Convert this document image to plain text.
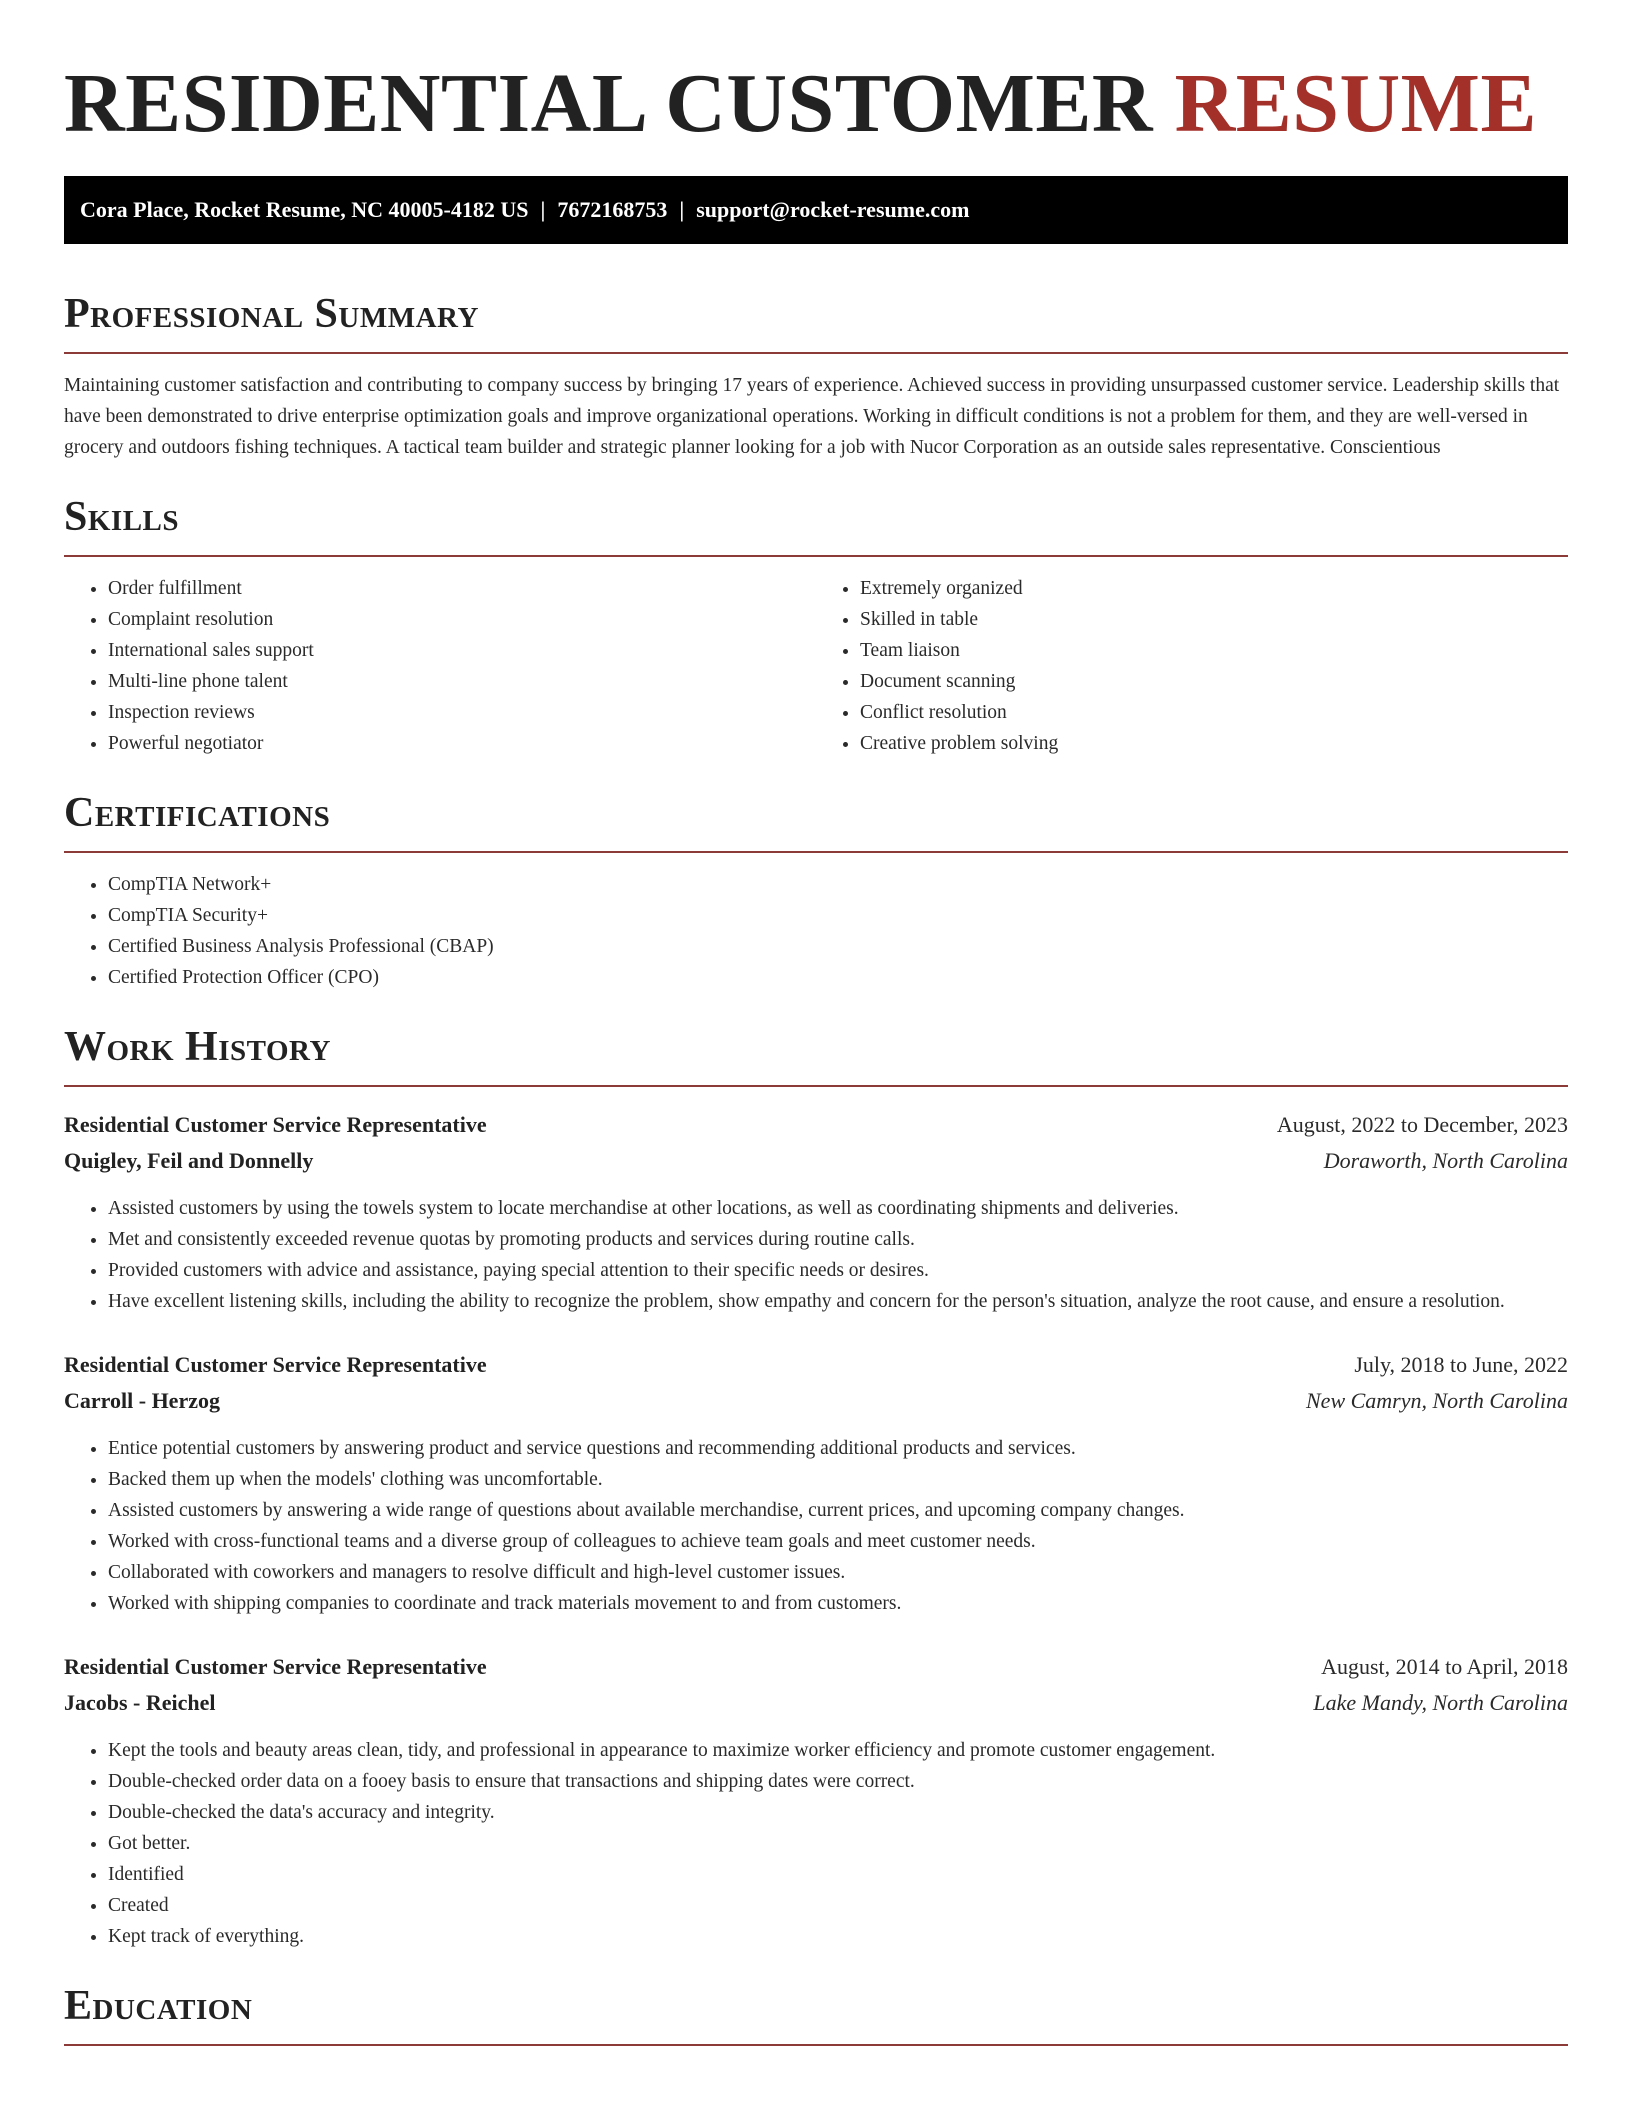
RESIDENTIAL CUSTOMER RESUME
Cora Place, Rocket Resume, NC 40005-4182 US | 7672168753 | support@rocket-resume.com
Professional Summary

Maintaining customer satisfaction and contributing to company success by bringing 17 years of experience. Achieved success in providing unsurpassed customer service. Leadership skills that have been demonstrated to drive enterprise optimization goals and improve organizational operations. Working in difficult conditions is not a problem for them, and they are well-versed in grocery and outdoors fishing techniques. A tactical team builder and strategic planner looking for a job with Nucor Corporation as an outside sales representative. Conscientious

Skills
• Order fulfillment
• Complaint resolution
• International sales support
• Multi-line phone talent
• Inspection reviews
• Powerful negotiator
• Extremely organized
• Skilled in table
• Team liaison
• Document scanning
• Conflict resolution
• Creative problem solving
Certifications
• CompTIA Network+
• CompTIA Security+
• Certified Business Analysis Professional (CBAP)
• Certified Protection Officer (CPO)
Work History
Residential Customer Service Representative	August, 2022 to December, 2023
Quigley, Feil and Donnelly	Doraworth, North Carolina
• Assisted customers by using the towels system to locate merchandise at other locations, as well as coordinating shipments and deliveries.
• Met and consistently exceeded revenue quotas by promoting products and services during routine calls.
• Provided customers with advice and assistance, paying special attention to their specific needs or desires.
• Have excellent listening skills, including the ability to recognize the problem, show empathy and concern for the person's situation, analyze the root cause, and ensure a resolution.
Residential Customer Service Representative	July, 2018 to June, 2022
Carroll - Herzog	New Camryn, North Carolina
• Entice potential customers by answering product and service questions and recommending additional products and services.
• Backed them up when the models' clothing was uncomfortable.
• Assisted customers by answering a wide range of questions about available merchandise, current prices, and upcoming company changes.
• Worked with cross-functional teams and a diverse group of colleagues to achieve team goals and meet customer needs.
• Collaborated with coworkers and managers to resolve difficult and high-level customer issues.
• Worked with shipping companies to coordinate and track materials movement to and from customers.
Residential Customer Service Representative	August, 2014 to April, 2018
Jacobs - Reichel	Lake Mandy, North Carolina
• Kept the tools and beauty areas clean, tidy, and professional in appearance to maximize worker efficiency and promote customer engagement.
• Double-checked order data on a fooey basis to ensure that transactions and shipping dates were correct.
• Double-checked the data's accuracy and integrity.
• Got better.
• Identified
• Created
• Kept track of everything.
Education
